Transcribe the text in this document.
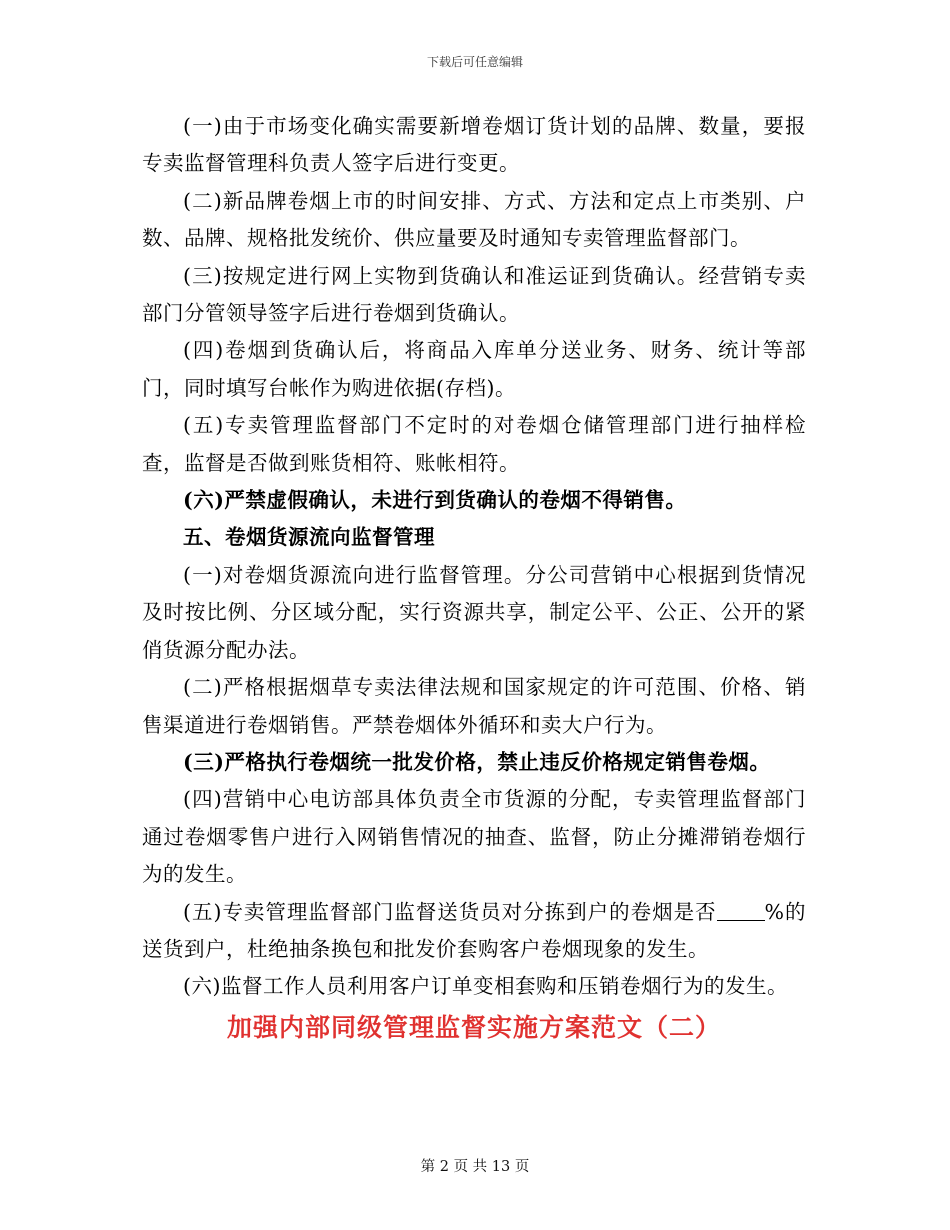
下载后可任意编辑

(一)由于市场变化确实需要新增卷烟订货计划的品牌、数量，要报专卖监督管理科负责人签字后进行变更。

(二)新品牌卷烟上市的时间安排、方式、方法和定点上市类别、户数、品牌、规格批发统价、供应量要及时通知专卖管理监督部门。

(三)按规定进行网上实物到货确认和准运证到货确认。经营销专卖部门分管领导签字后进行卷烟到货确认。

(四)卷烟到货确认后，将商品入库单分送业务、财务、统计等部门，同时填写台帐作为购进依据(存档)。

(五)专卖管理监督部门不定时的对卷烟仓储管理部门进行抽样检查，监督是否做到账货相符、账帐相符。

(六)严禁虚假确认，未进行到货确认的卷烟不得销售。

五、卷烟货源流向监督管理

(一)对卷烟货源流向进行监督管理。分公司营销中心根据到货情况及时按比例、分区域分配，实行资源共享，制定公平、公正、公开的紧俏货源分配办法。

(二)严格根据烟草专卖法律法规和国家规定的许可范围、价格、销售渠道进行卷烟销售。严禁卷烟体外循环和卖大户行为。

(三)严格执行卷烟统一批发价格，禁止违反价格规定销售卷烟。

(四)营销中心电访部具体负责全市货源的分配，专卖管理监督部门通过卷烟零售户进行入网销售情况的抽查、监督，防止分摊滞销卷烟行为的发生。

(五)专卖管理监督部门监督送货员对分拣到户的卷烟是否 %的送货到户，杜绝抽条换包和批发价套购客户卷烟现象的发生。

(六)监督工作人员利用客户订单变相套购和压销卷烟行为的发生。

加强内部同级管理监督实施方案范文（二）

第 2 页 共 13 页
